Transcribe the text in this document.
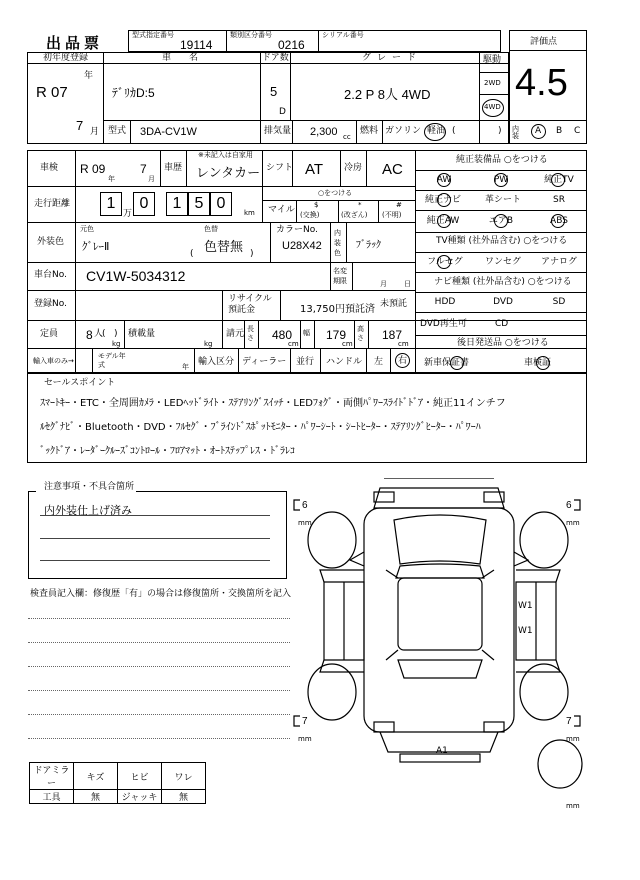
出品票	型式指定番号
19114
類別区分番号
0216
シリアル番号
評価点
4.5
初年度登録
R 07
年
7 月
車名
ﾃﾞﾘｶD:5
ドア数
5
D
グレード
2.2 P 8人 4WD
駆動
2WD
4WD
型式 3DA-CV1W	排気量 2,300 cc
燃料 ガソリン 軽油 (	) 内装	A B C
車検 R 09
年
7
月
車歴
※未記入は自家用
レンタカー シフト AT 冷房 AC
走行距離	1	0	1 5 0
万	km
○をつける
マイル	$
(交換)
*
(改ざん)
#
(不明)
外装色
元色
ｸﾞﾚｰⅡ
色替
色替無
(	)
カラーNo.
U28X42
内装色
ﾌﾞﾗｯｸ
車台No. CV1W-5034312	名変期限	月 日
登録No.	リサイクル預託金	13,750円預託済 未預託
定員 8 人
( )
kg
積載量
kg
請元 長さ 480
cm
幅 179
cm
高さ 187
cm
輸入車のみ→
モデル年式	年 輸入区分 ディーラー 並行 ハンドル 左 右
純正装備品 ○をつける
AW	PW	純正TV
純正ナビ	革シート	SR
純正AW	エアB	ABS
TV種類 (社外品含む) ○をつける
フルセグ	ワンセグ	アナログ
ナビ種類 (社外品含む) ○をつける
HDD	DVD	SD
DVD再生可	CD
後日発送品 ○をつける
新車保証書	車検証
セールスポイント
ｽﾏｰﾄｷｰ・ETC・全周囲ｶﾒﾗ・LEDﾍｯﾄﾞﾗｲﾄ・ｽﾃｱﾘﾝｸﾞｽｲｯﾁ・LEDﾌｫｸﾞ・両側ﾊﾟﾜｰｽﾗｲﾄﾞﾄﾞｱ・純正11インチフ
ﾙｾｸﾞﾅﾋﾞ・Bluetooth・DVD・ﾌﾙｾｸﾞ・ﾌﾞﾗｲﾝﾄﾞｽﾎﾟｯﾄﾓﾆﾀｰ・ﾊﾟﾜｰｼｰﾄ・ｼｰﾄﾋｰﾀｰ・ｽﾃｱﾘﾝｸﾞﾋｰﾀｰ・ﾊﾟﾜｰﾊ
ﾞｯｸﾄﾞｱ・ﾚｰﾀﾞｰｸﾙｰｽﾞｺﾝﾄﾛｰﾙ・ﾌﾛｱﾏｯﾄ・ｵｰﾄｽﾃｯﾌﾟﾚｽ・ﾄﾞﾗﾚｺ
注意事項・不具合箇所
内外装仕上げ済み
検査員記入欄：修復歴「有」の場合は修復箇所・交換箇所を記入
ドアミラー	キズ	ヒビ	ワレ
工具	無	ジャッキ	無
6
mm
6
mm
7
mm
7
mm
mm
W1
W1
A1
